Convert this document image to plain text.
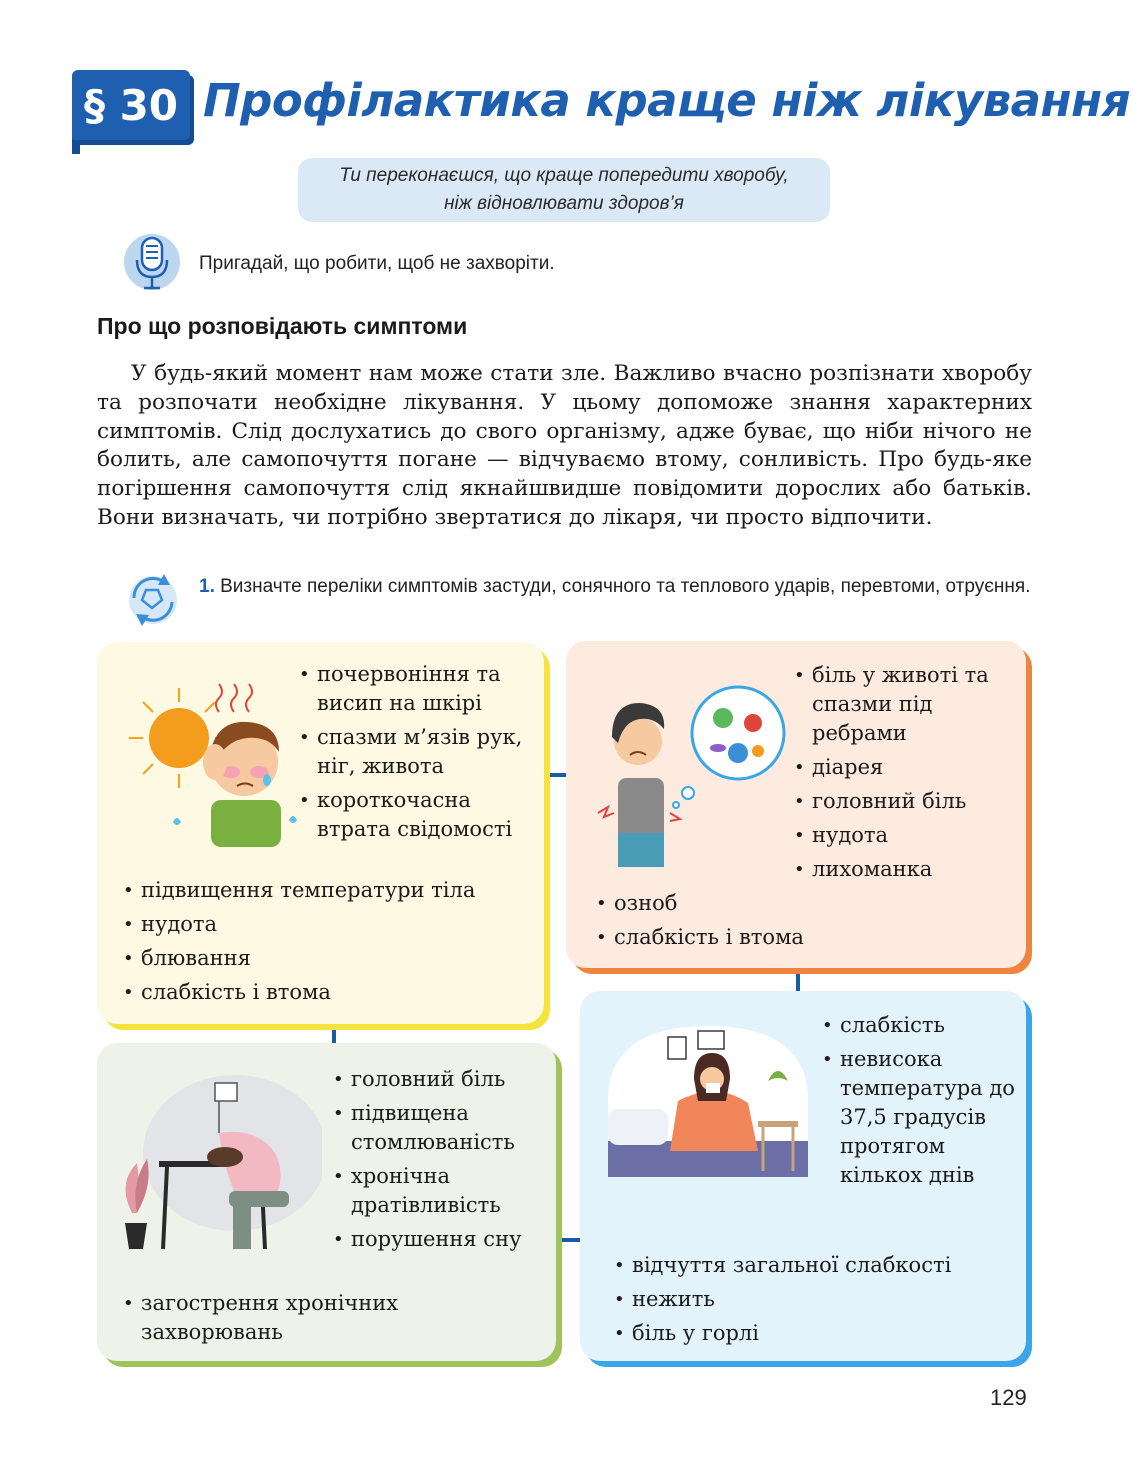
§ 30 Профілактика краще ніж лікування
Ти переконаєшся, що краще попередити хворобу,
ніж відновлювати здоров’я
Пригадай, що робити, щоб не захворіти.
Про що розповідають симптоми
У будь-який момент нам може стати зле. Важливо вчасно розпізнати хворобу та розпочати необхідне лікування. У цьому допоможе знання характерних симптомів. Слід дослухатись до свого організму, адже буває, що ніби нічого не болить, але самопочуття погане — відчуваємо втому, сонливість. Про будь-яке погіршення самопочуття слід якнайшвидше повідомити дорослих або батьків. Вони визначать, чи потрібно звертатися до лікаря, чи просто відпочити.
1. Визначте переліки симптомів застуди, сонячного та теплового ударів, перевтоми, отруєння.
• почервоніння та висип на шкірі
• спазми м’язів рук, ніг, живота
• короткочасна втрата свідомості
• підвищення температури тіла
• нудота
• блювання
• слабкість і втома
• біль у животі та спазми під ребрами
• діарея
• головний біль
• нудота
• лихоманка
• озноб
• слабкість і втома
• головний біль
• підвищена стомлюваність
• хронічна дратівливість
• порушення сну
• загострення хронічних захворювань
• слабкість
• невисока температура до 37,5 градусів протягом кількох днів
• відчуття загальної слабкості
• нежить
• біль у горлі
129
